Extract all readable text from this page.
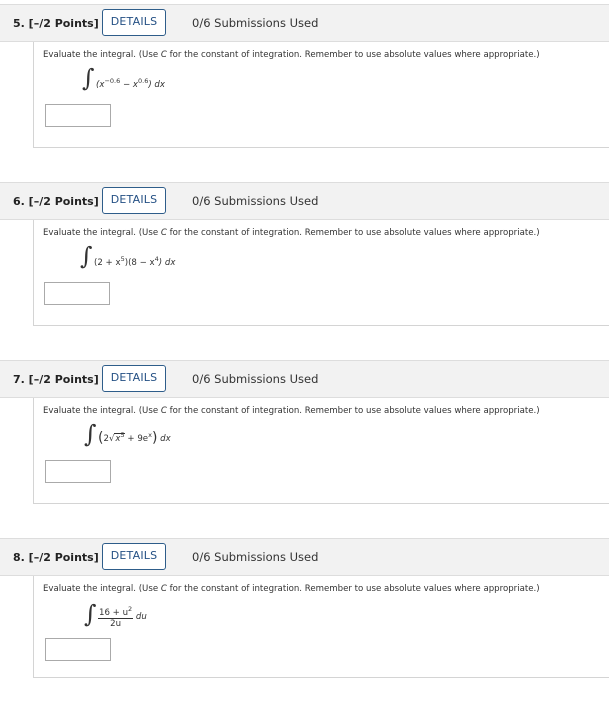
5. [–/2 Points]	DETAILS	0/6 Submissions Used
Evaluate the integral. (Use C for the constant of integration. Remember to use absolute values where appropriate.)
∫ $(x^{-0.6} - x^{0.6})$ dx
6. [–/2 Points]	DETAILS	0/6 Submissions Used
Evaluate the integral. (Use C for the constant of integration. Remember to use absolute values where appropriate.)
∫ $(2 + x^5)(8 - x^4)$ dx
7. [–/2 Points]	DETAILS	0/6 Submissions Used
Evaluate the integral. (Use C for the constant of integration. Remember to use absolute values where appropriate.)
∫ $(2√x^5 + 9e^x)$ dx
8. [–/2 Points]	DETAILS	0/6 Submissions Used
Evaluate the integral. (Use C for the constant of integration. Remember to use absolute values where appropriate.)
∫ $\frac{16 + u^2}{2u}$ du
